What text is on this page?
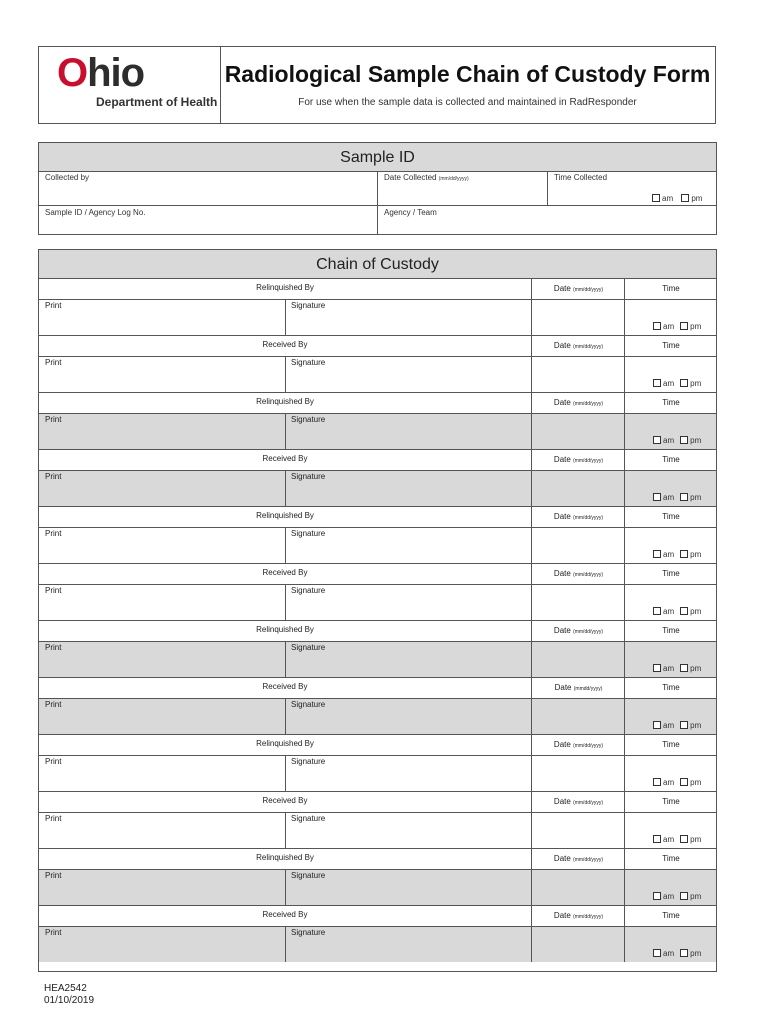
Ohio
Department of Health
Radiological Sample Chain of Custody Form
For use when the sample data is collected and maintained in RadResponder
Sample ID
Collected by	Date Collected (mm/dd/yyyy)	Time Collected
am pm
Sample ID / Agency Log No.	Agency / Team
Chain of Custody
Relinquished By	Date (mm/dd/yyyy)	Time
Print	Signature
am pm
Received By	Date (mm/dd/yyyy)	Time
Print	Signature
am pm
Relinquished By	Date (mm/dd/yyyy)	Time
Print	Signature
am pm
Received By	Date (mm/dd/yyyy)	Time
Print	Signature
am pm
Relinquished By	Date (mm/dd/yyyy)	Time
Print	Signature
am pm
Received By	Date (mm/dd/yyyy)	Time
Print	Signature
am pm
Relinquished By	Date (mm/dd/yyyy)	Time
Print	Signature
am pm
Received By	Date (mmdd/yyyy)	Time
Print	Signature
am pm
Relinquished By	Date (mm/dd/yyyy)	Time
Print	Signature
am pm
Received By	Date (mm/dd/yyyy)	Time
Print	Signature
am pm
Relinquished By	Date (mm/dd/yyyy)	Time
Print	Signature
am pm
Received By	Date (mm/dd/yyyy)	Time
Print	Signature
am pm
HEA2542
01/10/2019
